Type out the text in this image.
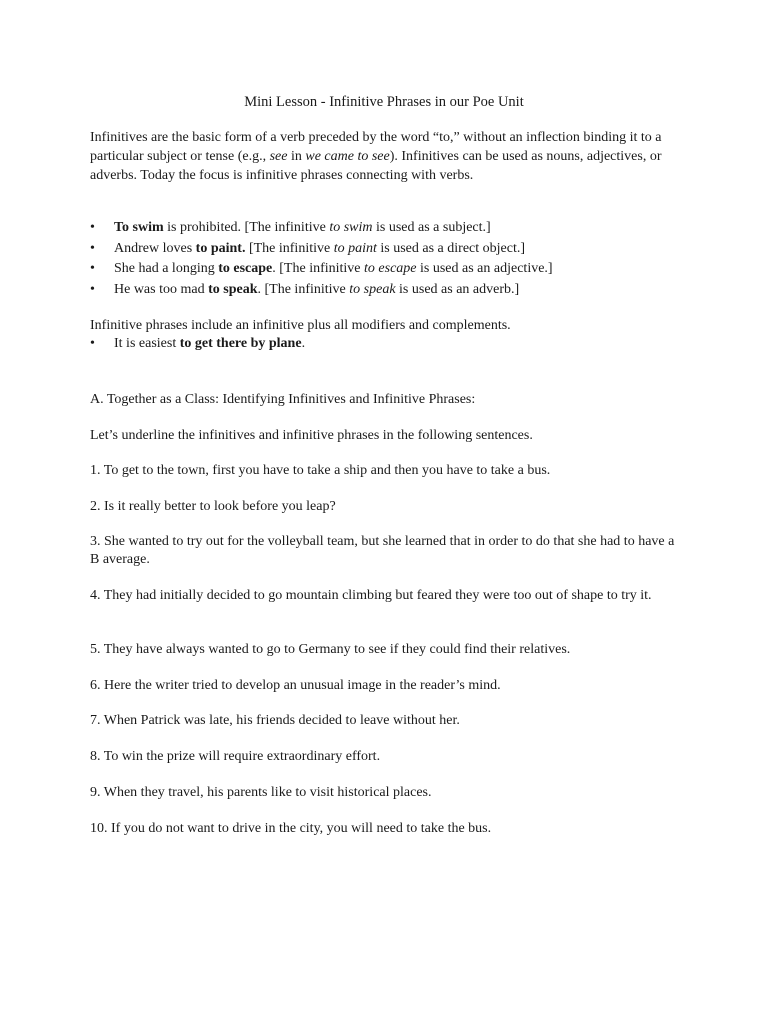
Mini Lesson - Infinitive Phrases in our Poe Unit

Infinitives are the basic form of a verb preceded by the word “to,” without an inflection binding it to a particular subject or tense (e.g., see in we came to see). Infinitives can be used as nouns, adjectives, or adverbs. Today the focus is infinitive phrases connecting with verbs.

• To swim is prohibited. [The infinitive to swim is used as a subject.]
• Andrew loves to paint. [The infinitive to paint is used as a direct object.]
• She had a longing to escape. [The infinitive to escape is used as an adjective.]
• He was too mad to speak. [The infinitive to speak is used as an adverb.]

Infinitive phrases include an infinitive plus all modifiers and complements.

• It is easiest to get there by plane.

A. Together as a Class: Identifying Infinitives and Infinitive Phrases:

Let’s underline the infinitives and infinitive phrases in the following sentences.

1. To get to the town, first you have to take a ship and then you have to take a bus.

2. Is it really better to look before you leap?

3. She wanted to try out for the volleyball team, but she learned that in order to do that she had to have a B average.

4. They had initially decided to go mountain climbing but feared they were too out of shape to try it.

5. They have always wanted to go to Germany to see if they could find their relatives.

6. Here the writer tried to develop an unusual image in the reader’s mind.

7. When Patrick was late, his friends decided to leave without her.

8. To win the prize will require extraordinary effort.

9. When they travel, his parents like to visit historical places.

10. If you do not want to drive in the city, you will need to take the bus.
